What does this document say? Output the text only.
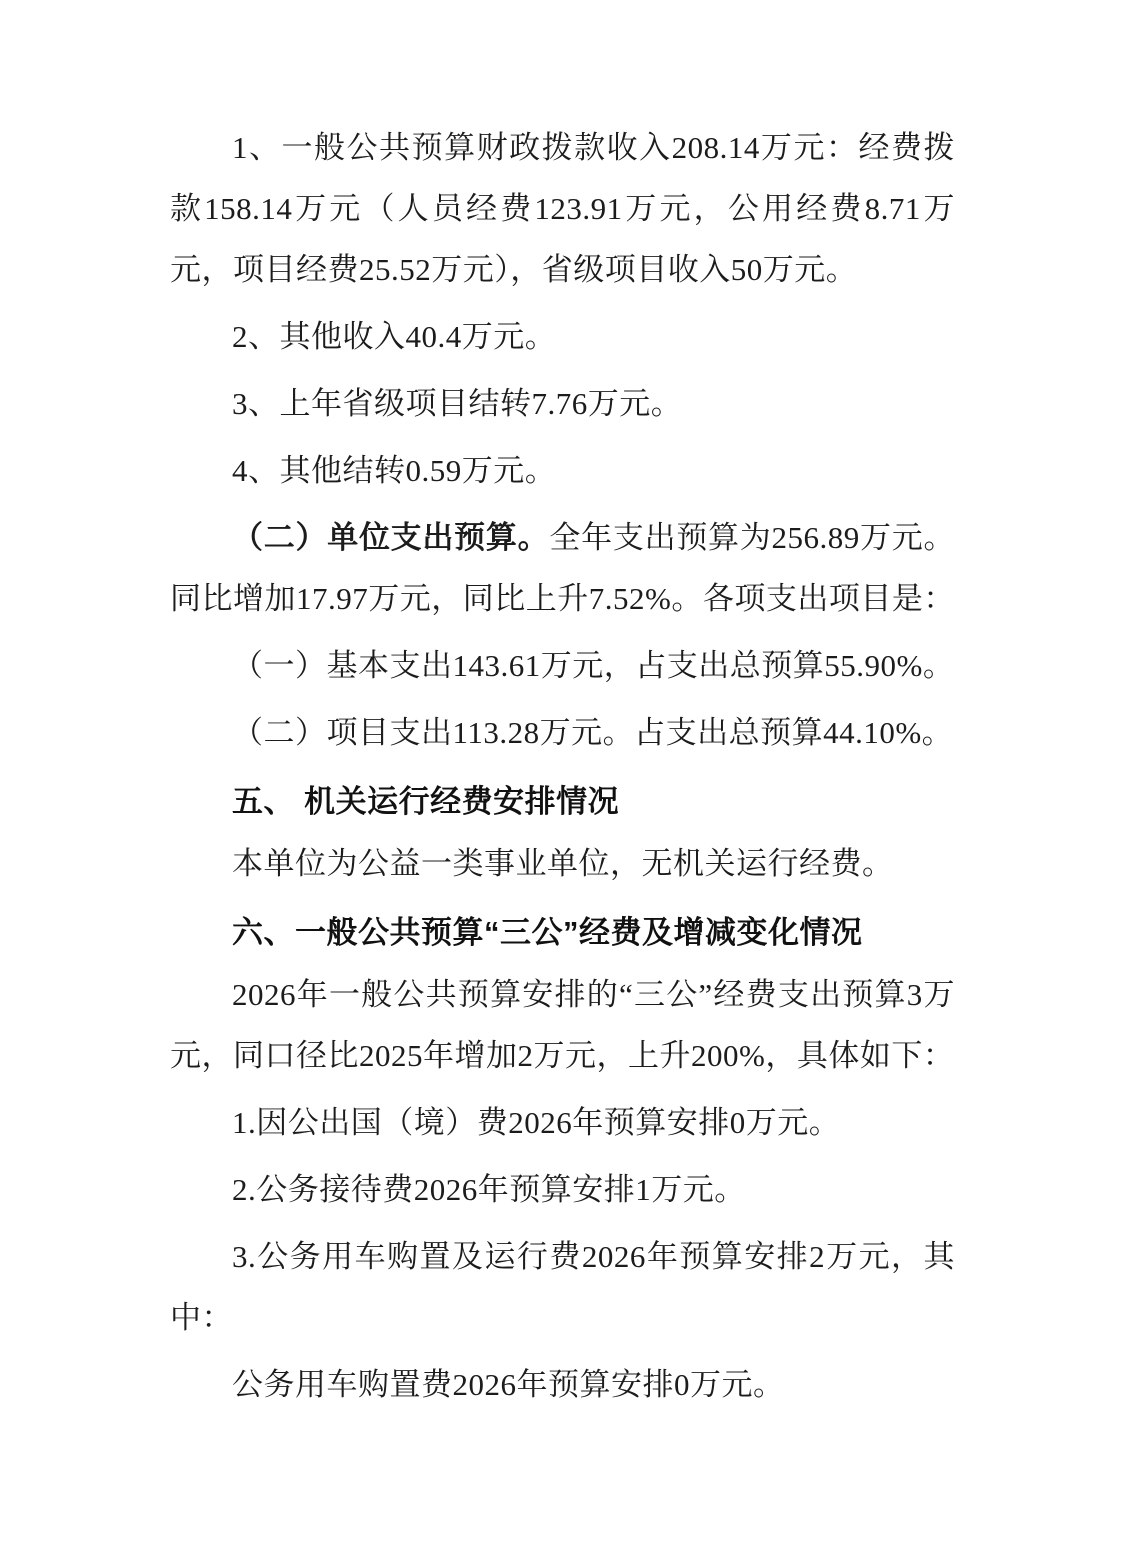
1、一般公共预算财政拨款收入208.14万元：经费拨款158.14万元（人员经费123.91万元，公用经费8.71万元，项目经费25.52万元），省级项目收入50万元。

2、其他收入40.4万元。

3、上年省级项目结转7.76万元。

4、其他结转0.59万元。

（二）单位支出预算。全年支出预算为256.89万元。同比增加17.97万元，同比上升7.52%。各项支出项目是：

（一）基本支出143.61万元，占支出总预算55.90%。

（二）项目支出113.28万元。占支出总预算44.10%。

五、 机关运行经费安排情况

本单位为公益一类事业单位，无机关运行经费。

六、一般公共预算“三公”经费及增减变化情况

2026年一般公共预算安排的“三公”经费支出预算3万元，同口径比2025年增加2万元，上升200%，具体如下：

1.因公出国（境）费2026年预算安排0万元。

2.公务接待费2026年预算安排1万元。

3.公务用车购置及运行费2026年预算安排2万元，其中：

公务用车购置费2026年预算安排0万元。
